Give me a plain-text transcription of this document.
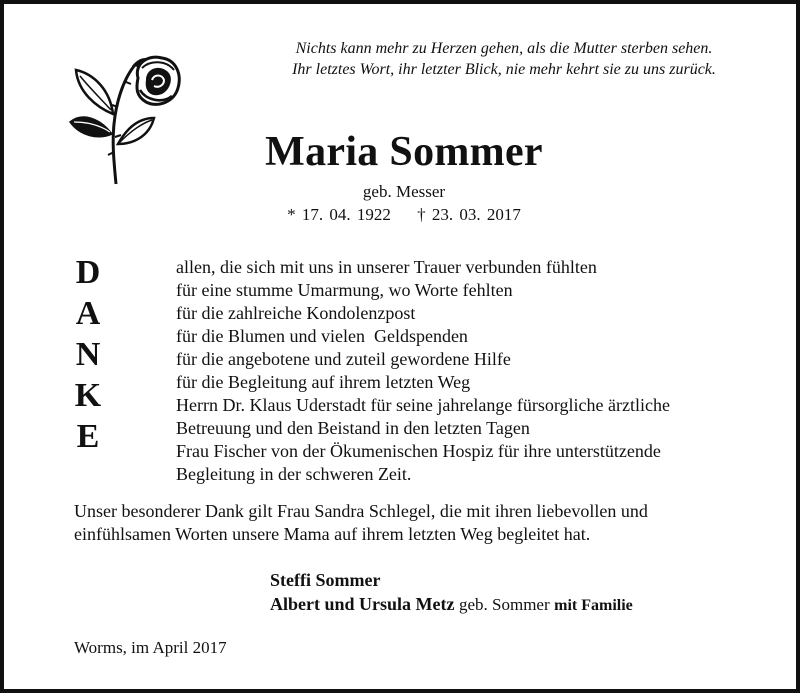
Nichts kann mehr zu Herzen gehen, als die Mutter sterben sehen.
Ihr letztes Wort, ihr letzter Blick, nie mehr kehrt sie zu uns zurück.
Maria Sommer
geb. Messer
* 17. 04. 1922 † 23. 03. 2017
D
A
N
K
E
allen, die sich mit uns in unserer Trauer verbunden fühlten
für eine stumme Umarmung, wo Worte fehlten
für die zahlreiche Kondolenzpost
für die Blumen und vielen  Geldspenden
für die angebotene und zuteil gewordene Hilfe
für die Begleitung auf ihrem letzten Weg
Herrn Dr. Klaus Uderstadt für seine jahrelange fürsorgliche ärztliche
Betreuung und den Beistand in den letzten Tagen
Frau Fischer von der Ökumenischen Hospiz für ihre unterstützende
Begleitung in der schweren Zeit.
Unser besonderer Dank gilt Frau Sandra Schlegel, die mit ihren liebevollen und
einfühlsamen Worten unsere Mama auf ihrem letzten Weg begleitet hat.
Steffi Sommer
Albert und Ursula Metz geb. Sommer mit Familie
Worms, im April 2017
